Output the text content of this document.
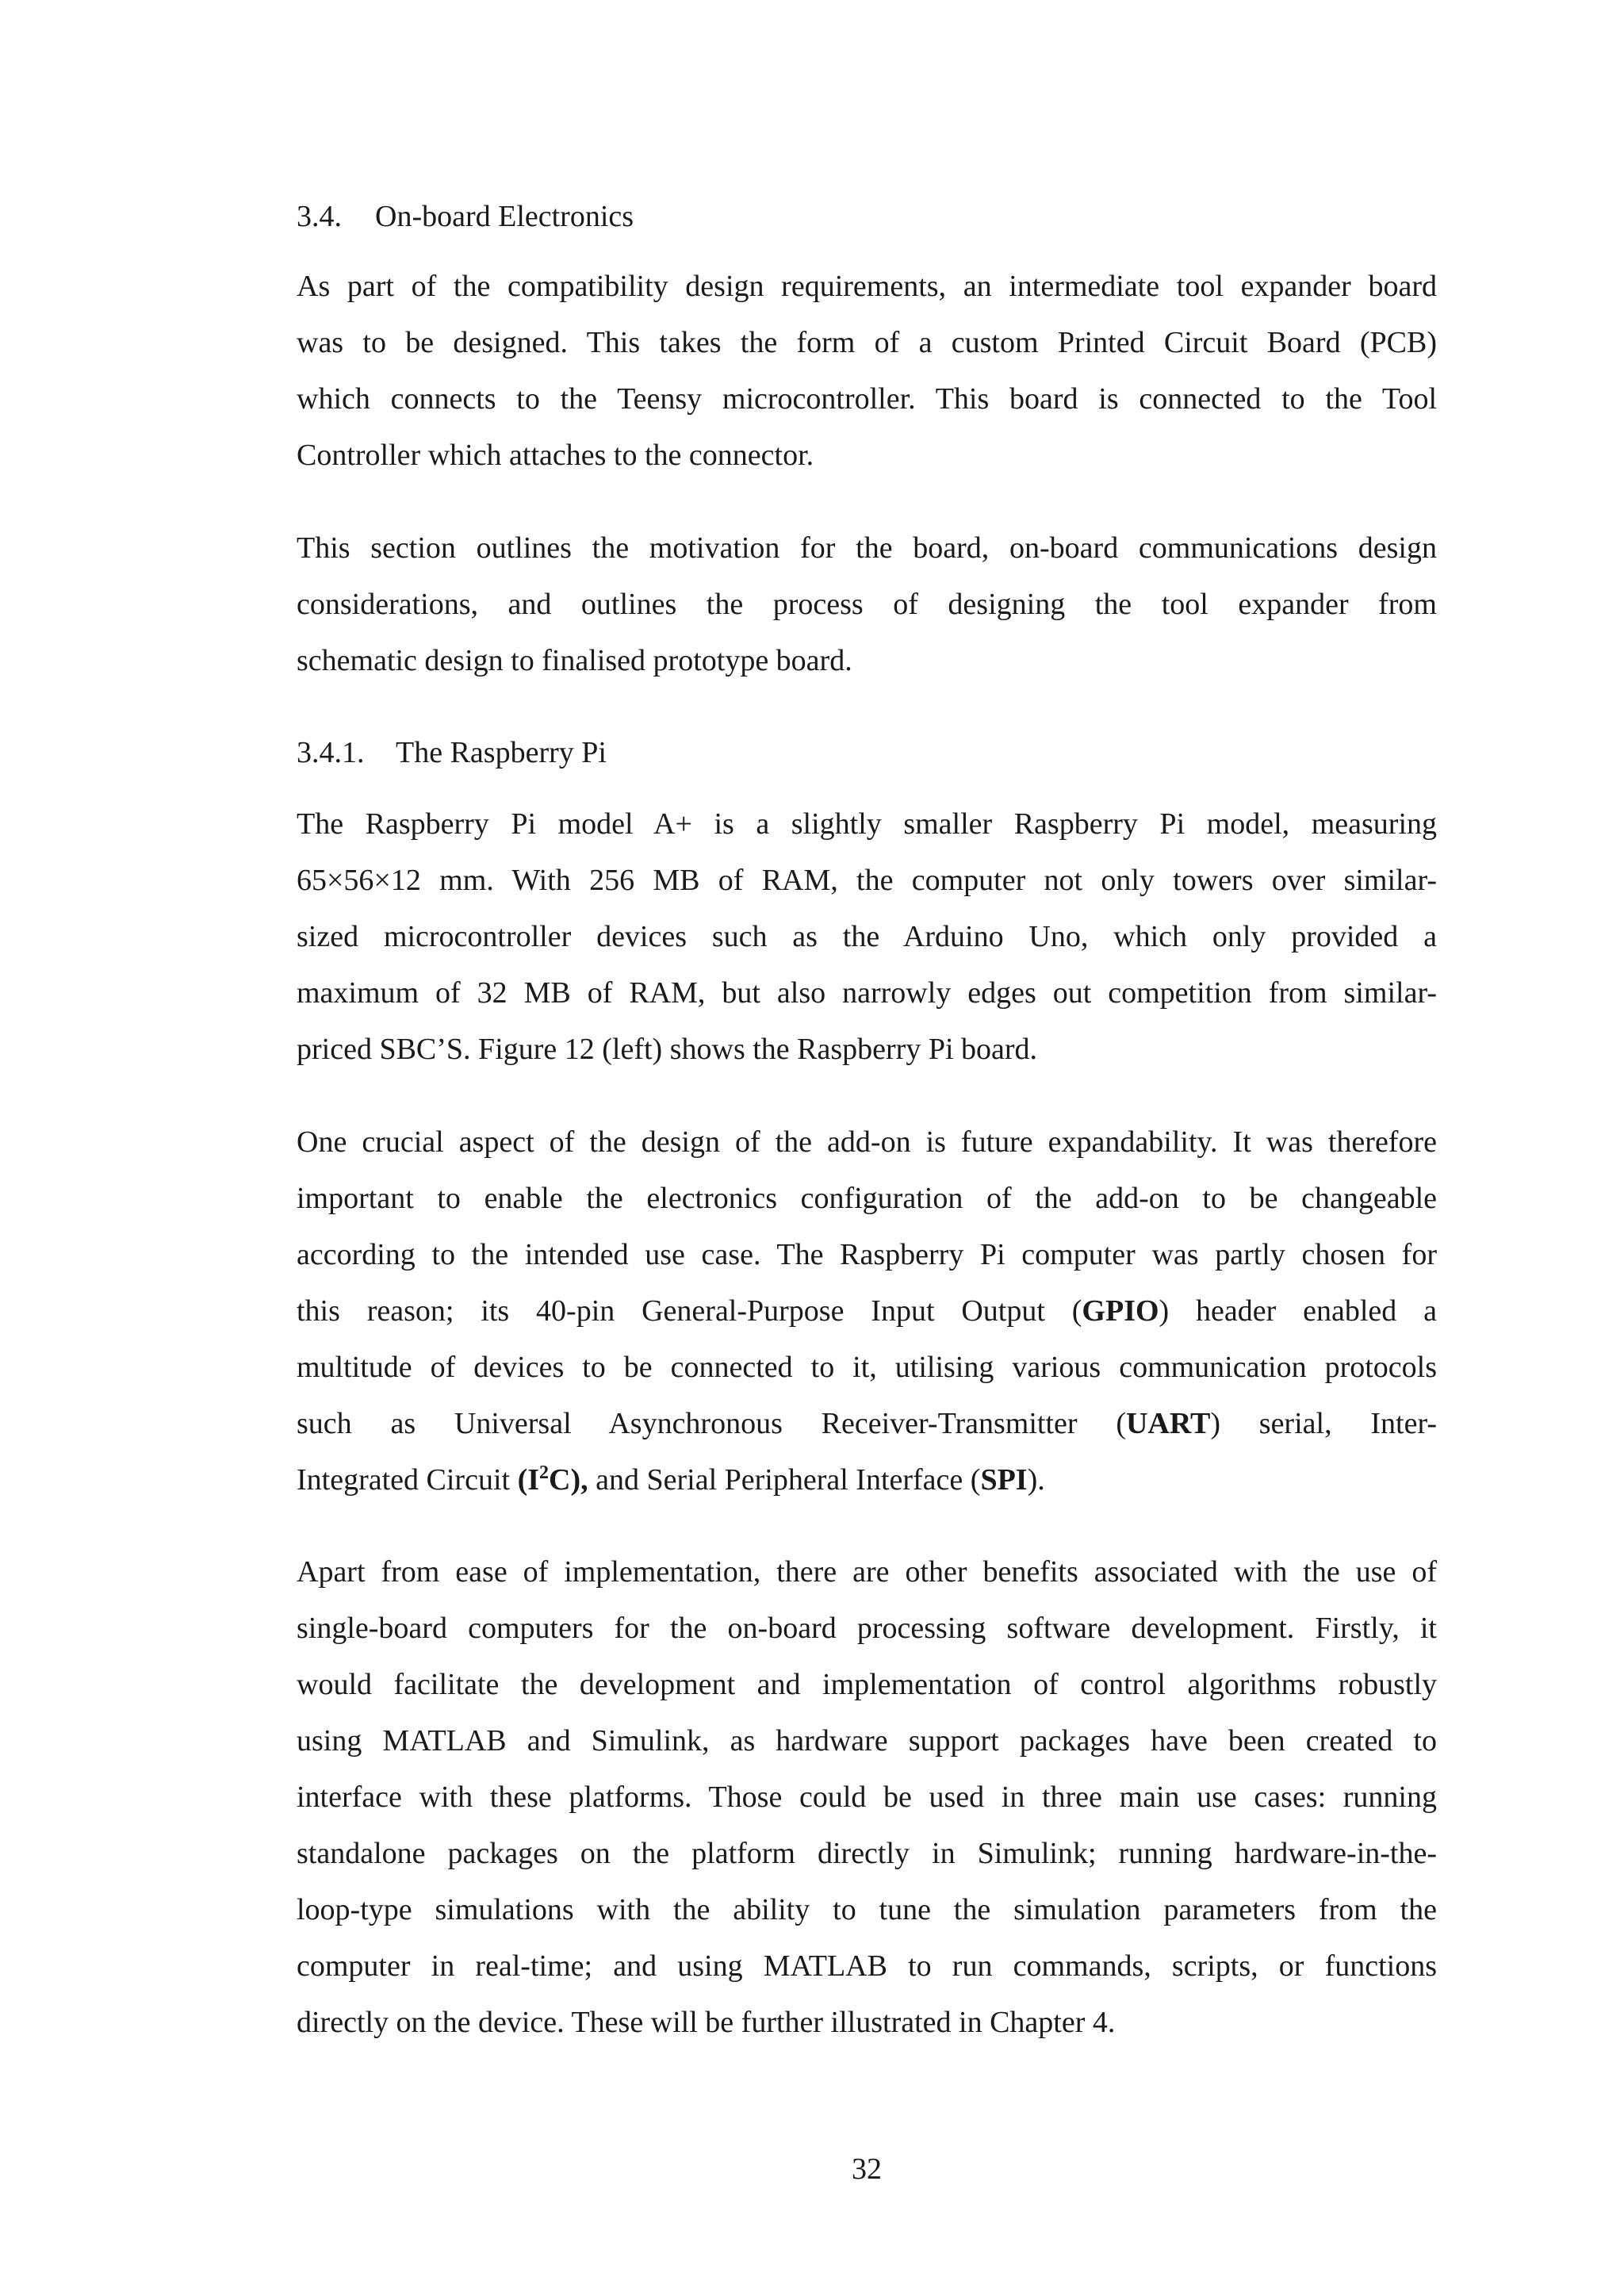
3.4. On-board Electronics
As part of the compatibility design requirements, an intermediate tool expander board
was to be designed. This takes the form of a custom Printed Circuit Board (PCB)
which connects to the Teensy microcontroller. This board is connected to the Tool
Controller which attaches to the connector.
This section outlines the motivation for the board, on-board communications design
considerations, and outlines the process of designing the tool expander from
schematic design to finalised prototype board.
3.4.1. The Raspberry Pi
The Raspberry Pi model A+ is a slightly smaller Raspberry Pi model, measuring
65×56×12 mm. With 256 MB of RAM, the computer not only towers over similar-
sized microcontroller devices such as the Arduino Uno, which only provided a
maximum of 32 MB of RAM, but also narrowly edges out competition from similar-
priced SBC’S. Figure 12 (left) shows the Raspberry Pi board.
One crucial aspect of the design of the add-on is future expandability. It was therefore
important to enable the electronics configuration of the add-on to be changeable
according to the intended use case. The Raspberry Pi computer was partly chosen for
this reason; its 40-pin General-Purpose Input Output (GPIO) header enabled a
multitude of devices to be connected to it, utilising various communication protocols
such as Universal Asynchronous Receiver-Transmitter (UART) serial, Inter-
Integrated Circuit $(I^2C)$, and Serial Peripheral Interface (SPI).
Apart from ease of implementation, there are other benefits associated with the use of
single-board computers for the on-board processing software development. Firstly, it
would facilitate the development and implementation of control algorithms robustly
using MATLAB and Simulink, as hardware support packages have been created to
interface with these platforms. Those could be used in three main use cases: running
standalone packages on the platform directly in Simulink; running hardware-in-the-
loop-type simulations with the ability to tune the simulation parameters from the
computer in real-time; and using MATLAB to run commands, scripts, or functions
directly on the device. These will be further illustrated in Chapter 4.
32
